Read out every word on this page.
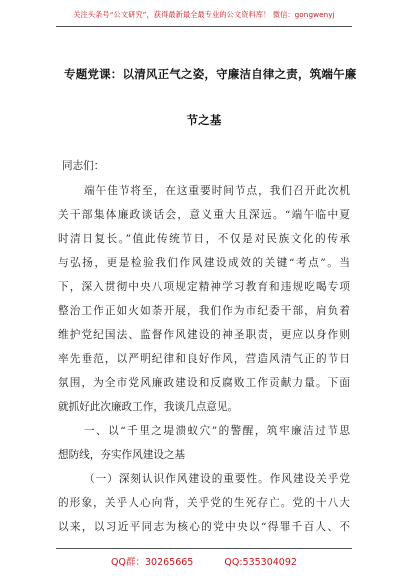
关注头条号“公文研究”，获得最新最全最专业的公文资料库！ 微信：gongwenyj
专题党课：以清风正气之姿，守廉洁自律之责，筑端午廉
节之基
同志们：
端午佳节将至，在这重要时间节点，我们召开此次机
关干部集体廉政谈话会，意义重大且深远。“端午临中夏
时清日复长。”值此传统节日，不仅是对民族文化的传承
与弘扬，更是检验我们作风建设成效的关键“考点”。当
下，深入贯彻中央八项规定精神学习教育和违规吃喝专项
整治工作正如火如荼开展，我们作为市纪委干部，肩负着
维护党纪国法、监督作风建设的神圣职责，更应以身作则
率先垂范，以严明纪律和良好作风，营造风清气正的节日
氛围，为全市党风廉政建设和反腐败工作贡献力量。下面
就抓好此次廉政工作，我谈几点意见。
一、以“千里之堤溃蚁穴”的警醒，筑牢廉洁过节思
想防线，夯实作风建设之基
（一）深刻认识作风建设的重要性。作风建设关乎党
的形象，关乎人心向背，关乎党的生死存亡。党的十八大
以来，以习近平同志为核心的党中央以“得罪千百人、不
QQ群：30265665	QQ:535304092
